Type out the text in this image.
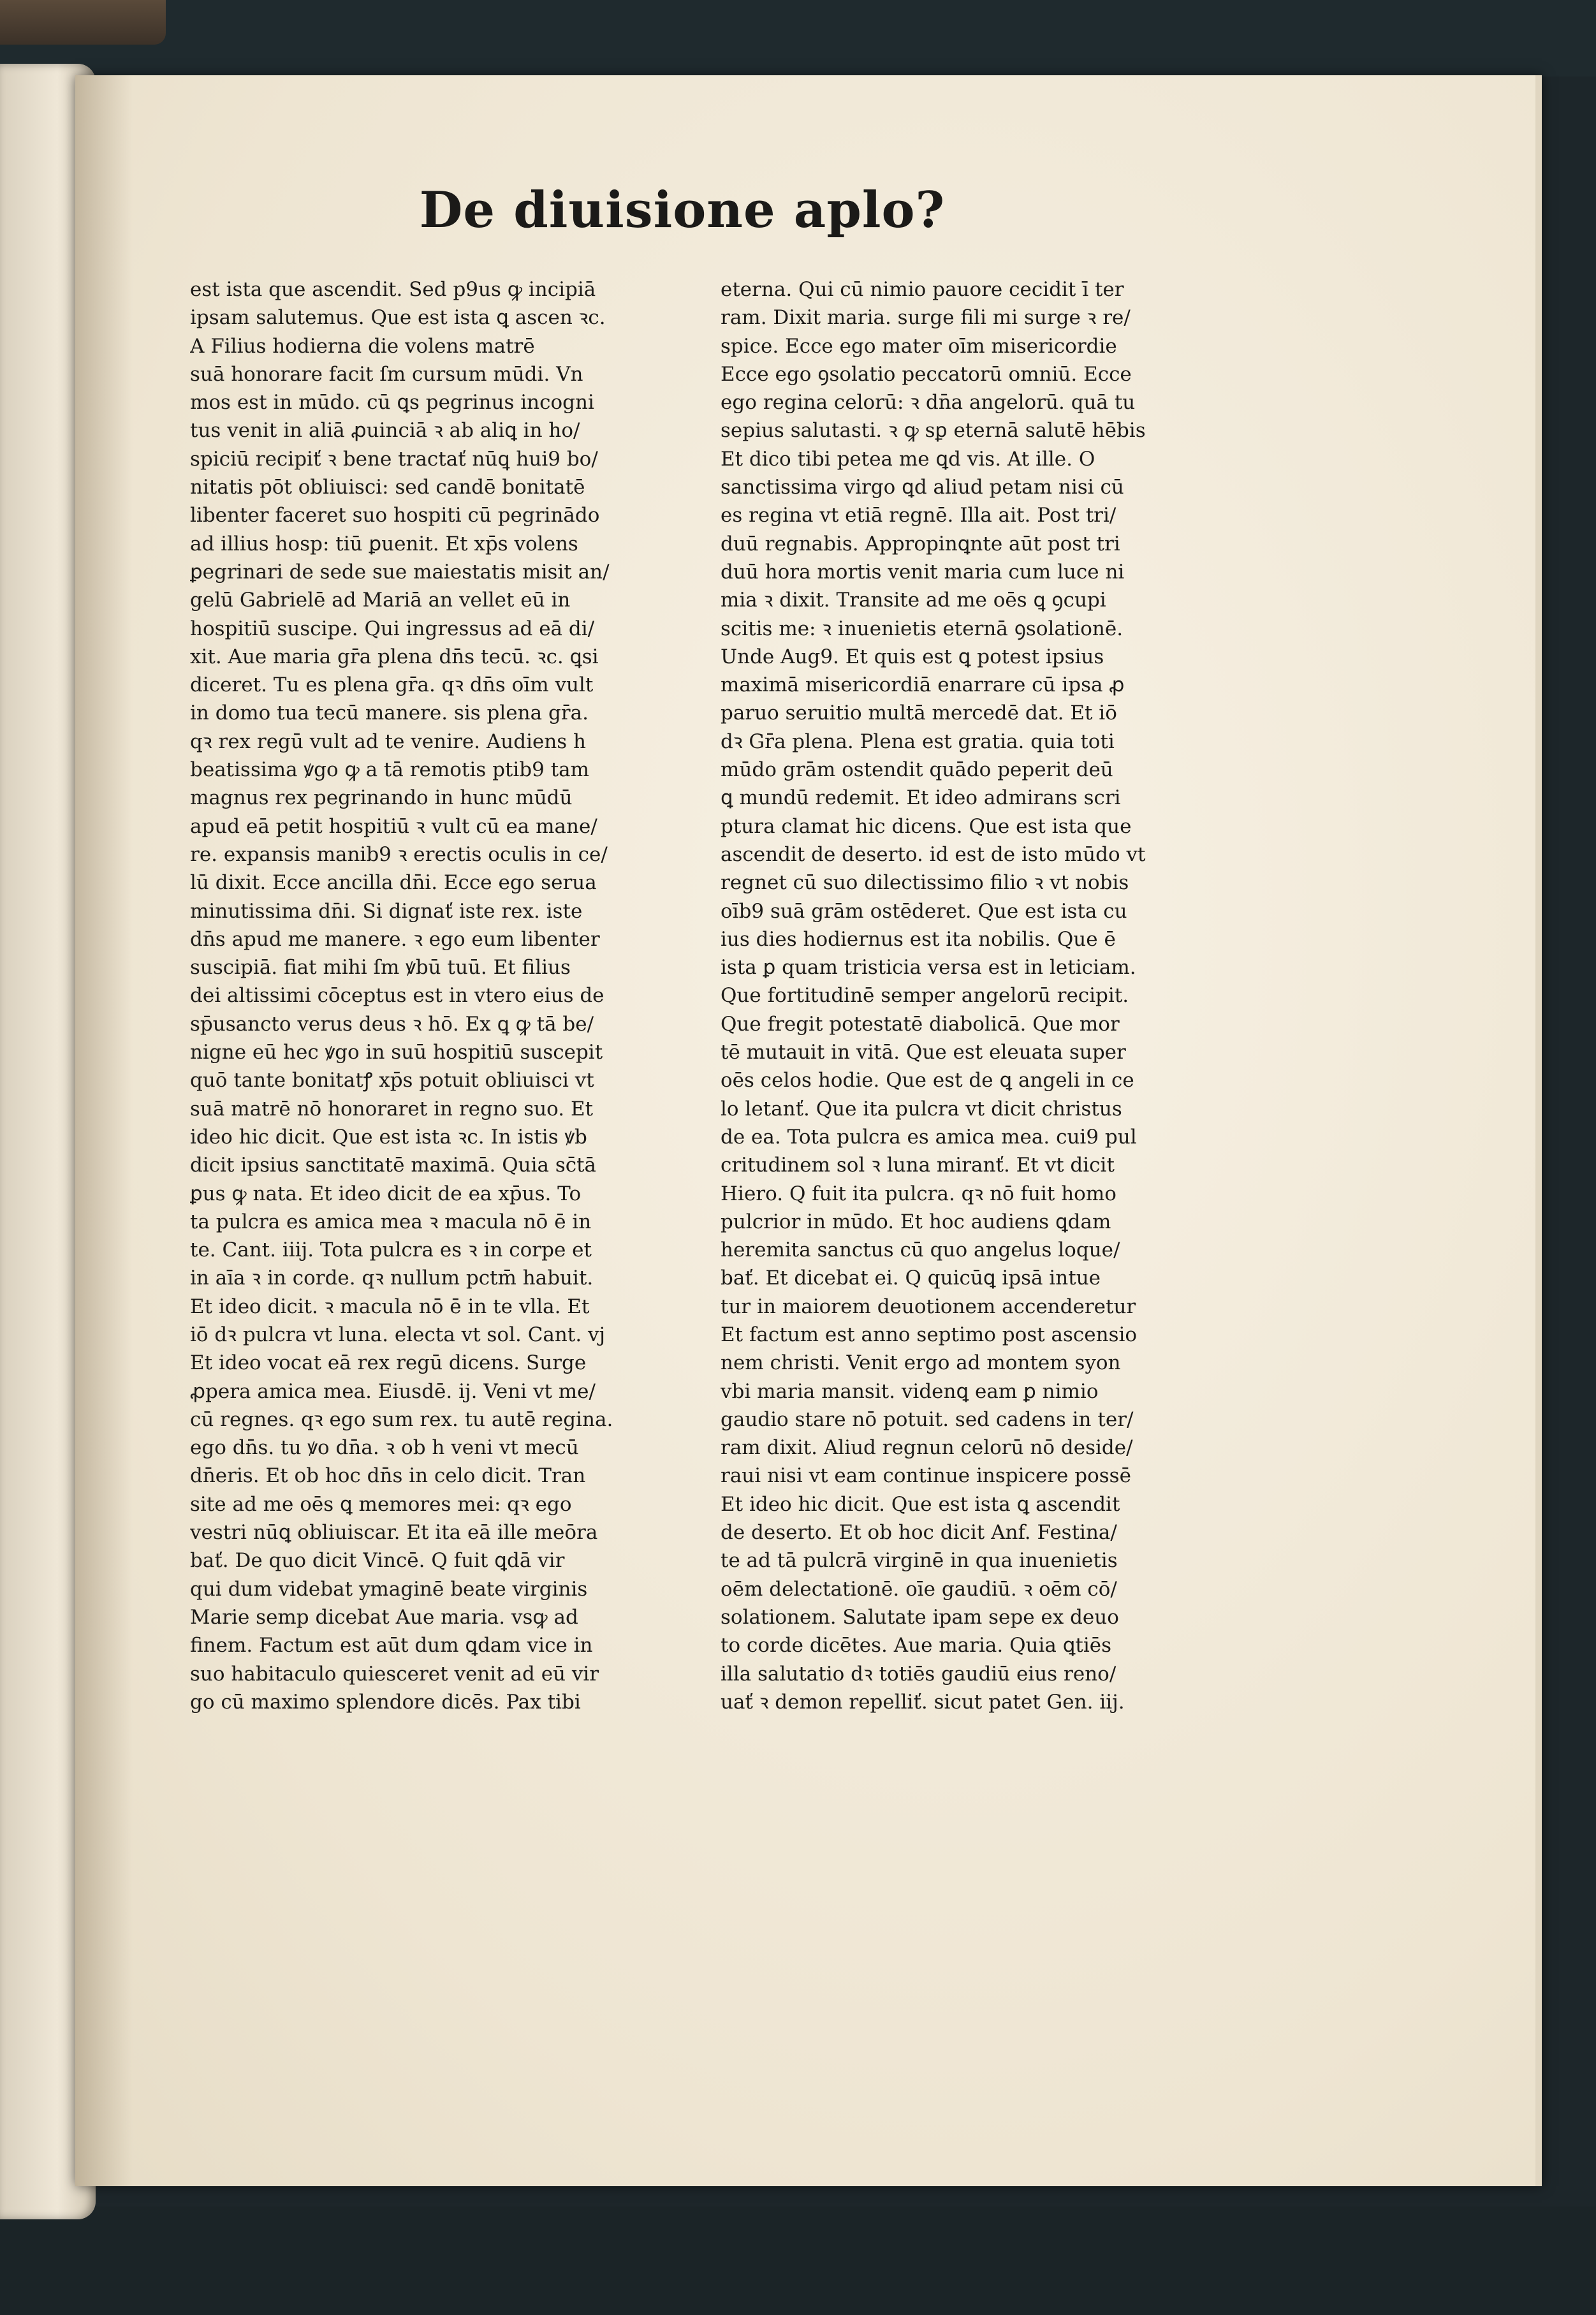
De diuisione aplo?
est ista que ascendit. Sed p9us ꝙ incipiā
ipsam salutemus. Que est ista ꝗ ascen ꝛc.
A Filius hodierna die volens matrē
suā honorare facit ſm cursum mūdi. Vn
mos est in mūdo. cū ꝗs pegrinus incogni
tus venit in aliā ꝓuinciā ꝛ ab aliꝗ in ho/
spiciū recipiť ꝛ bene tractať nūꝗ hui9 bo/
nitatis pōt obliuisci: sed candē bonitatē
libenter faceret suo hospiti cū pegrinādo
ad illius hosp: tiū ꝑuenit. Et xp̄s volens
ꝑegrinari de sede sue maiestatis misit an/
gelū Gabrielē ad Mariā an vellet eū in
hospitiū suscipe. Qui ingressus ad eā di/
xit. Aue maria gr̄a plena dn̄s tecū. ꝛc. ꝗsi
diceret. Tu es plena gr̄a. qꝛ dn̄s oīm vult
in domo tua tecū manere. sis plena gr̄a.
qꝛ rex regū vult ad te venire. Audiens h
beatissima ꝟgo ꝙ a tā remotis ptib9 tam
magnus rex pegrinando in hunc mūdū
apud eā petit hospitiū ꝛ vult cū ea mane/
re. expansis manib9 ꝛ erectis oculis in ce/
lū dixit. Ecce ancilla dn̄i. Ecce ego serua
minutissima dn̄i. Si dignať iste rex. iste
dn̄s apud me manere. ꝛ ego eum libenter
suscipiā. fiat mihi ſm ꝟbū tuū. Et filius
dei altissimi cōceptus est in vtero eius de
sp̄usancto verus deus ꝛ hō. Ex ꝗ ꝙ tā be/
nigne eū hec ꝟgo in suū hospitiū suscepit
quō tante bonitatꝭ xp̄s potuit obliuisci vt
suā matrē nō honoraret in regno suo. Et
ideo hic dicit. Que est ista ꝛc. In istis ꝟb
dicit ipsius sanctitatē maximā. Quia sc̄tā
ꝑus ꝙ nata. Et ideo dicit de ea xp̄us. To
ta pulcra es amica mea ꝛ macula nō ē in
te. Cant. iiij. Tota pulcra es ꝛ in corpe et
in aīa ꝛ in corde. qꝛ nullum pctm̄ habuit.
Et ideo dicit. ꝛ macula nō ē in te vlla. Et
iō dꝛ pulcra vt luna. electa vt sol. Cant. vj
Et ideo vocat eā rex regū dicens. Surge
ꝓpera amica mea. Eiusdē. ij. Veni vt me/
cū regnes. qꝛ ego sum rex. tu autē regina.
ego dn̄s. tu ꝟo dn̄a. ꝛ ob h veni vt mecū
dn̄eris. Et ob hoc dn̄s in celo dicit. Tran
site ad me oēs ꝗ memores mei: qꝛ ego
vestri nūꝗ obliuiscar. Et ita eā ille meōra
bať. De quo dicit Vincē. Q fuit ꝗdā vir
qui dum videbat ymaginē beate virginis
Marie semp dicebat Aue maria. vsꝙ ad
finem. Factum est aūt dum ꝗdam vice in
suo habitaculo quiesceret venit ad eū vir
go cū maximo splendore dicēs. Pax tibi
eterna. Qui cū nimio pauore cecidit ī ter
ram. Dixit maria. surge fili mi surge ꝛ re/
spice. Ecce ego mater oīm misericordie
Ecce ego ꝯsolatio peccatorū omniū. Ecce
ego regina celorū: ꝛ dn̄a angelorū. quā tu
sepius salutasti. ꝛ ꝙ sꝑ eternā salutē hēbis
Et dico tibi petea me ꝗd vis. At ille. O
sanctissima virgo ꝗd aliud petam nisi cū
es regina vt etiā regnē. Illa ait. Post tri/
duū regnabis. Appropinꝗnte aūt post tri
duū hora mortis venit maria cum luce ni
mia ꝛ dixit. Transite ad me oēs ꝗ ꝯcupi
scitis me: ꝛ inuenietis eternā ꝯsolationē.
Unde Aug9. Et quis est ꝗ potest ipsius
maximā misericordiā enarrare cū ipsa ꝓ
paruo seruitio multā mercedē dat. Et iō
dꝛ Gr̄a plena. Plena est gratia. quia toti
mūdo grām ostendit quādo peperit deū
ꝗ mundū redemit. Et ideo admirans scri
ptura clamat hic dicens. Que est ista que
ascendit de deserto. id est de isto mūdo vt
regnet cū suo dilectissimo filio ꝛ vt nobis
oīb9 suā grām ostēderet. Que est ista cu
ius dies hodiernus est ita nobilis. Que ē
ista ꝑ quam tristicia versa est in leticiam.
Que fortitudinē semper angelorū recipit.
Que fregit potestatē diabolicā. Que mor
tē mutauit in vitā. Que est eleuata super
oēs celos hodie. Que est de ꝗ angeli in ce
lo letanť. Que ita pulcra vt dicit christus
de ea. Tota pulcra es amica mea. cui9 pul
critudinem sol ꝛ luna miranť. Et vt dicit
Hiero. Q fuit ita pulcra. qꝛ nō fuit homo
pulcrior in mūdo. Et hoc audiens ꝗdam
heremita sanctus cū quo angelus loque/
bať. Et dicebat ei. Q quicūꝗ ipsā intue
tur in maiorem deuotionem accenderetur
Et factum est anno septimo post ascensio
nem christi. Venit ergo ad montem syon
vbi maria mansit. videnꝗ eam ꝑ nimio
gaudio stare nō potuit. sed cadens in ter/
ram dixit. Aliud regnun celorū nō deside/
raui nisi vt eam continue inspicere possē
Et ideo hic dicit. Que est ista ꝗ ascendit
de deserto. Et ob hoc dicit Anf. Festina/
te ad tā pulcrā virginē in qua inuenietis
oēm delectationē. oīe gaudiū. ꝛ oēm cō/
solationem. Salutate ipam sepe ex deuo
to corde dicētes. Aue maria. Quia ꝗtiēs
illa salutatio dꝛ totiēs gaudiū eius reno/
uať ꝛ demon repelliť. sicut patet Gen. iij.
